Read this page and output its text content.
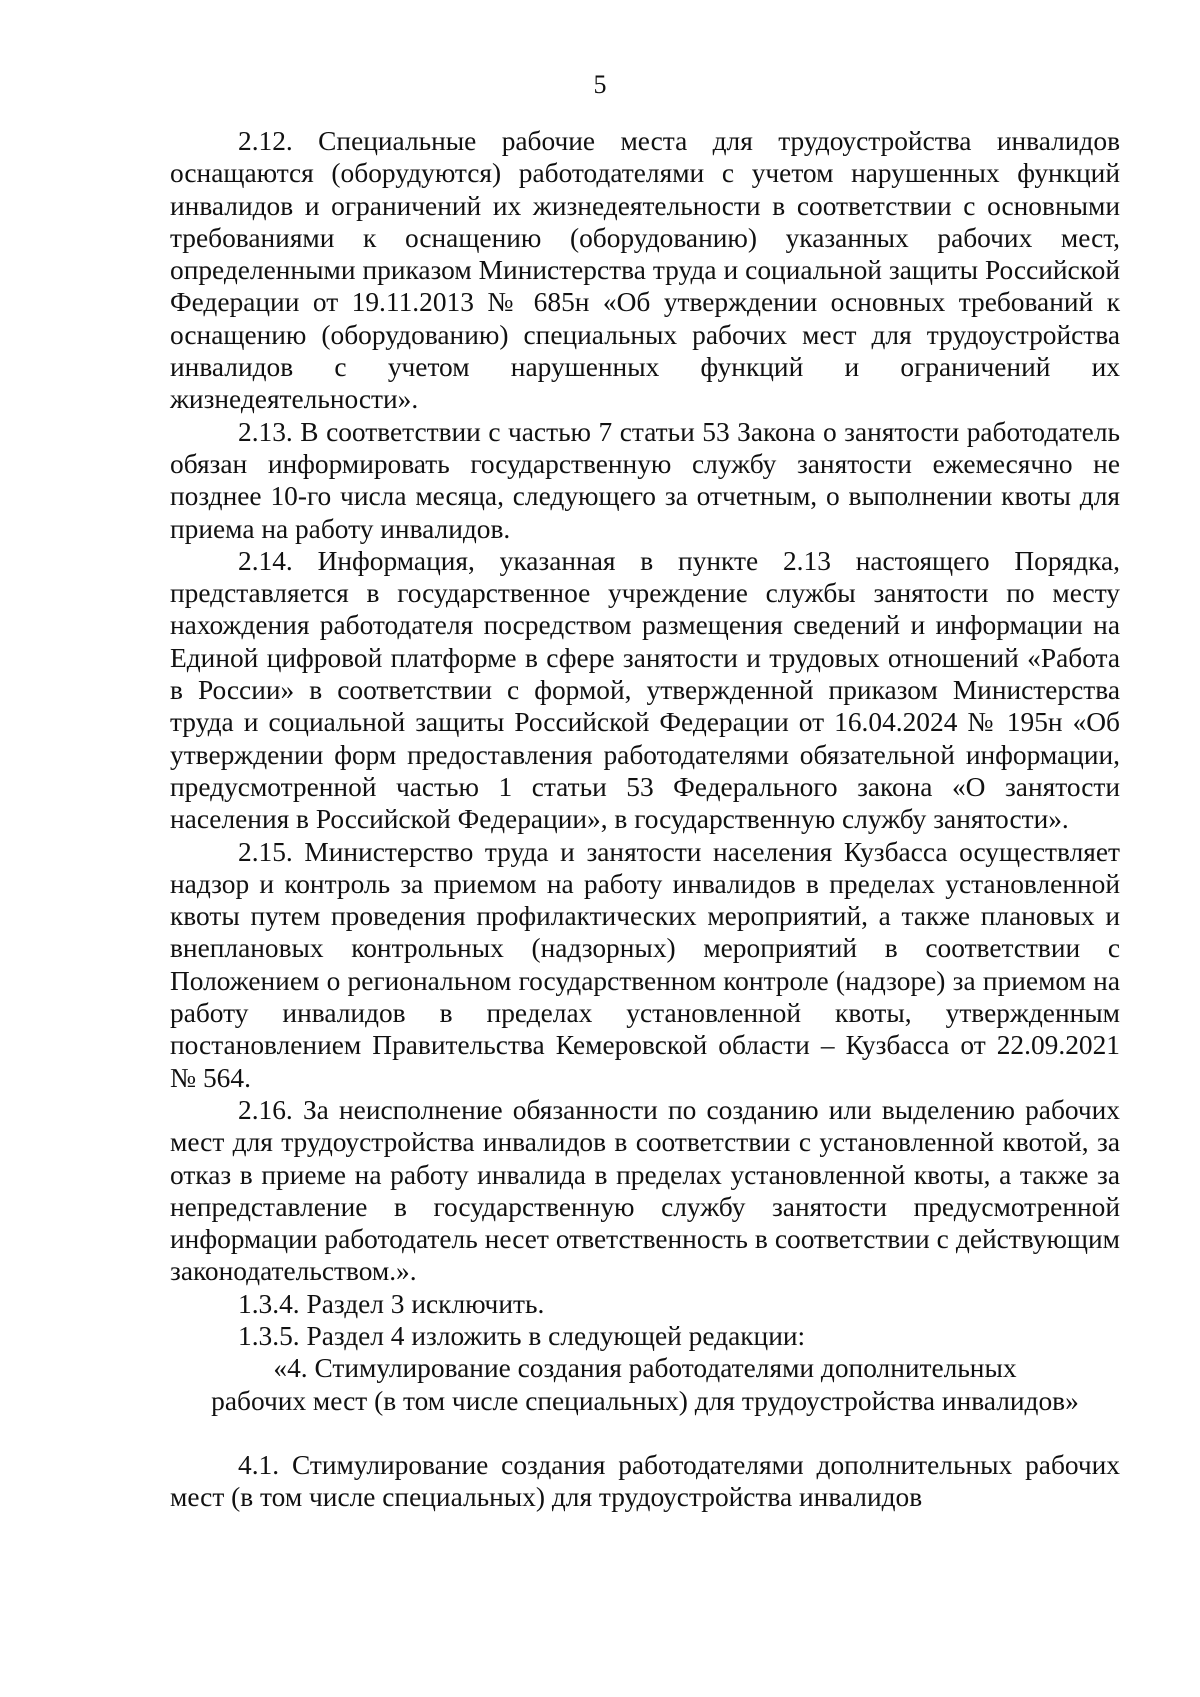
5

2.12. Специальные рабочие места для трудоустройства инвалидов оснащаются (оборудуются) работодателями с учетом нарушенных функций инвалидов и ограничений их жизнедеятельности в соответствии с основными требованиями к оснащению (оборудованию) указанных рабочих мест, определенными приказом Министерства труда и социальной защиты Российской Федерации от 19.11.2013 № 685н «Об утверждении основных требований к оснащению (оборудованию) специальных рабочих мест для трудоустройства инвалидов с учетом нарушенных функций и ограничений их жизнедеятельности».

2.13. В соответствии с частью 7 статьи 53 Закона о занятости работодатель обязан информировать государственную службу занятости ежемесячно не позднее 10-го числа месяца, следующего за отчетным, о выполнении квоты для приема на работу инвалидов.

2.14. Информация, указанная в пункте 2.13 настоящего Порядка, представляется в государственное учреждение службы занятости по месту нахождения работодателя посредством размещения сведений и информации на Единой цифровой платформе в сфере занятости и трудовых отношений «Работа в России» в соответствии с формой, утвержденной приказом Министерства труда и социальной защиты Российской Федерации от 16.04.2024 № 195н «Об утверждении форм предоставления работодателями обязательной информации, предусмотренной частью 1 статьи 53 Федерального закона «О занятости населения в Российской Федерации», в государственную службу занятости».

2.15. Министерство труда и занятости населения Кузбасса осуществляет надзор и контроль за приемом на работу инвалидов в пределах установленной квоты путем проведения профилактических мероприятий, а также плановых и внеплановых контрольных (надзорных) мероприятий в соответствии с Положением о региональном государственном контроле (надзоре) за приемом на работу инвалидов в пределах установленной квоты, утвержденным постановлением Правительства Кемеровской области – Кузбасса от 22.09.2021 № 564.

2.16. За неисполнение обязанности по созданию или выделению рабочих мест для трудоустройства инвалидов в соответствии с установленной квотой, за отказ в приеме на работу инвалида в пределах установленной квоты, а также за непредставление в государственную службу занятости предусмотренной информации работодатель несет ответственность в соответствии с действующим законодательством.».

1.3.4. Раздел 3 исключить.

1.3.5. Раздел 4 изложить в следующей редакции:

«4. Стимулирование создания работодателями дополнительных

рабочих мест (в том числе специальных) для трудоустройства инвалидов»

4.1. Стимулирование создания работодателями дополнительных рабочих мест (в том числе специальных) для трудоустройства инвалидов
